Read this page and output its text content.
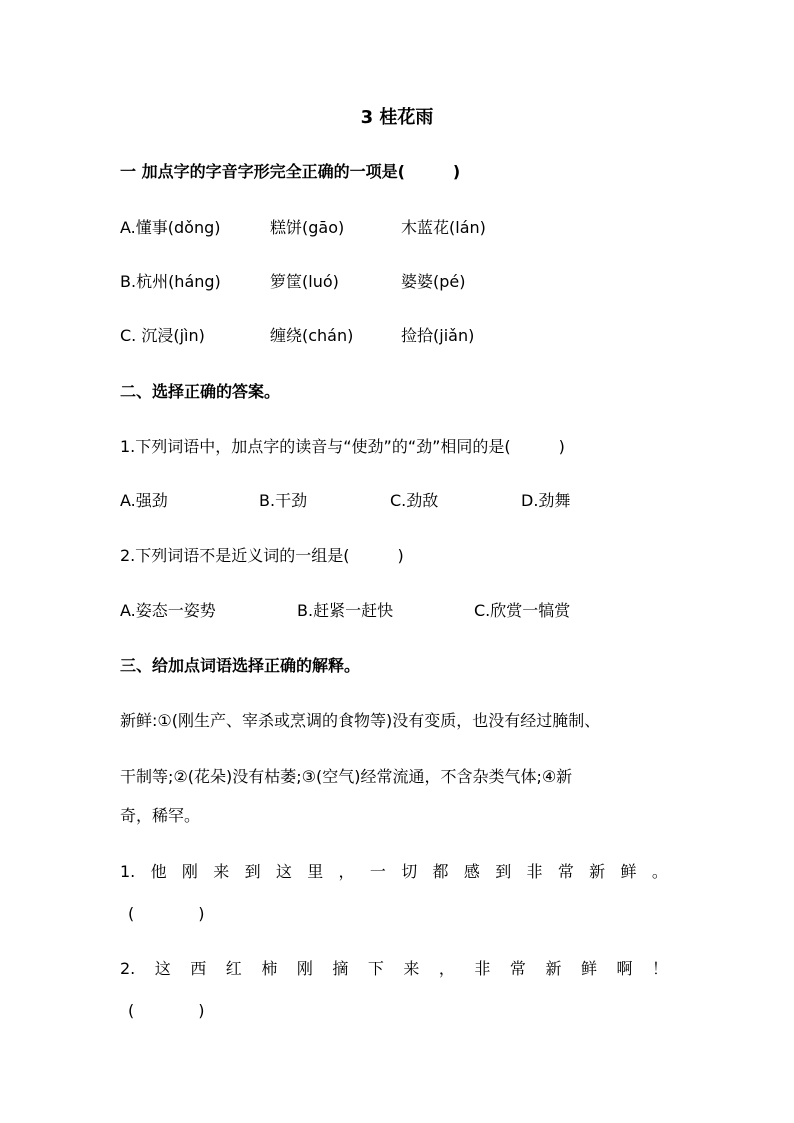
3 桂花雨
一 加点字的字音字形完全正确的一项是(　　　)
A.懂事(dǒng)	糕饼(gāo)	木蓝花(lán)
B.杭州(háng)	箩筐(luó)	婆婆(pé)
C. 沉浸(jìn)	缠绕(chán)	捡拾(jiǎn)
二、选择正确的答案。
1.下列词语中，加点字的读音与“使劲”的“劲”相同的是(　　　)
A.强劲	B.干劲	C.劲敌	D.劲舞
2.下列词语不是近义词的一组是(　　　)
A.姿态一姿势	B.赶紧一赶快	C.欣赏一犒赏
三、给加点词语选择正确的解释。
新鲜:①(刚生产、宰杀或烹调的食物等)没有变质，也没有经过腌制、
干制等;②(花朵)没有枯萎;③(空气)经常流通，不含杂类气体;④新
奇，稀罕。
1. 他 刚 来 到 这 里 ， 一 切 都 感 到 非 常 新 鲜 。
(　　　　)
2. 这 西 红 柿 刚 摘 下 来 ， 非 常 新 鲜 啊 ！
(　　　　)
